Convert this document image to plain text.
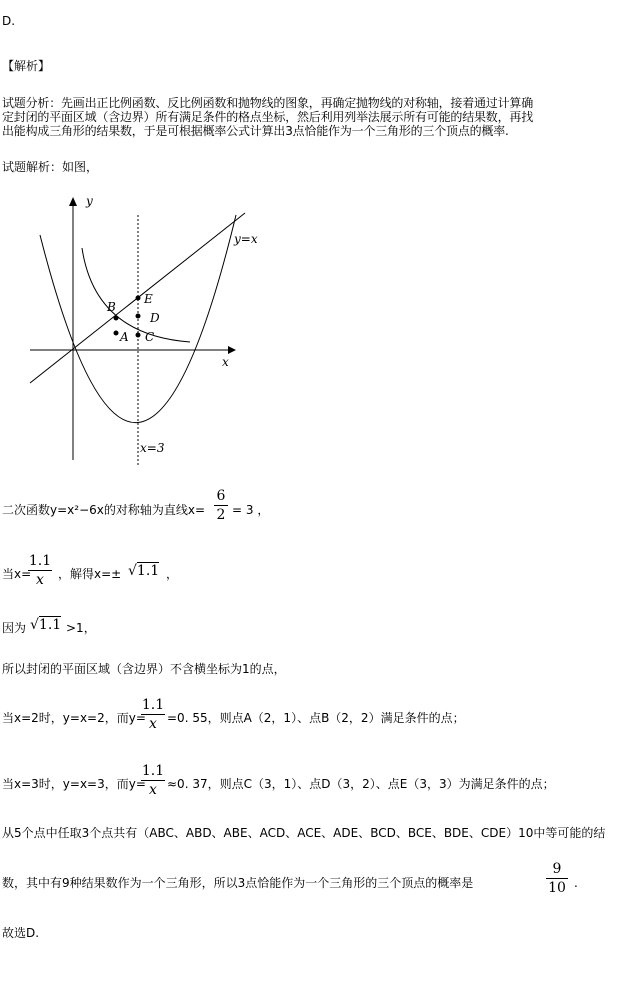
D.
【解析】
试题分析：先画出正比例函数、反比例函数和抛物线的图象，再确定抛物线的对称轴，接着通过计算确
定封闭的平面区域（含边界）所有满足条件的格点坐标，然后利用列举法展示所有可能的结果数，再找
出能构成三角形的结果数，于是可根据概率公式计算出3点恰能作为一个三角形的三个顶点的概率.
试题解析：如图，
y
x
y=x
x=3
E
B
D
A C
二次函数y=x²−6x的对称轴为直线x=
6
2 = 3 ，
当x=
1.1
x	，解得x=± √1.1 ，
因为 √1.1 >1，
所以封闭的平面区域（含边界）不含横坐标为1的点，
当x=2时，y=x=2，而y=
1.1
x =0. 55，则点A（2，1）、点B（2，2）满足条件的点；
当x=3时，y=x=3，而y=
1.1
x ≈0. 37，则点C（3，1）、点D（3，2）、点E（3，3）为满足条件的点；
从5个点中任取3个点共有（ABC、ABD、ABE、ACD、ACE、ADE、BCD、BCE、BDE、CDE）10中等可能的结
数，其中有9种结果数作为一个三角形，所以3点恰能作为一个三角形的三个顶点的概率是
9
10 .
故选D.
